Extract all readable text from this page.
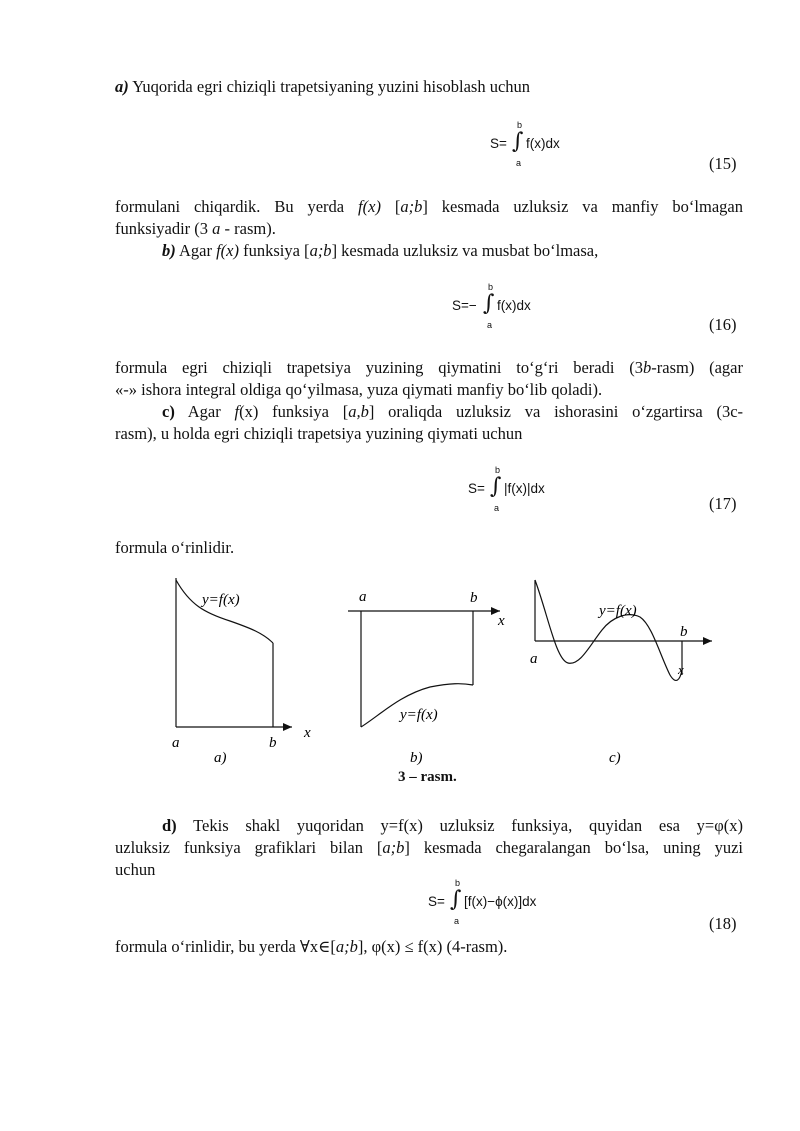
a) Yuqorida egri chiziqli trapetsiyaning yuzini hisoblash uchun
S=
b
∫
a
f(x)dx
(15)
formulani chiqardik. Bu yerda f(x) [a;b] kesmada uzluksiz va manfiy bo‘lmagan
funksiyadir (3 a - rasm).
b) Agar f(x) funksiya [a;b] kesmada uzluksiz va musbat bo‘lmasa,
S=−
b
∫
a
f(x)dx
(16)
formula egri chiziqli trapetsiya yuzining qiymatini to‘g‘ri beradi (3b-rasm) (agar
«-» ishora integral oldiga qo‘yilmasa, yuza qiymati manfiy bo‘lib qoladi).
c) Agar f(x) funksiya [a,b] oraliqda uzluksiz va ishorasini o‘zgartirsa (3c-
rasm), u holda egri chiziqli trapetsiya yuzining qiymati uchun
S=
b
∫
a
|f(x)|dx
(17)
formula o‘rinlidir.
y=f(x)
a	b
x
a)
a	b
x
y=f(x)
b)
y=f(x)
a
b
x
c)
3 – rasm.
d) Tekis shakl yuqoridan y=f(x) uzluksiz funksiya, quyidan esa y=φ(x)
uzluksiz funksiya grafiklari bilan [a;b] kesmada chegaralangan bo‘lsa, uning yuzi
uchun
S=
b
∫
a
[f(x)−ϕ(x)]dx
(18)
formula o‘rinlidir, bu yerda ∀x∈[a;b], φ(x) ≤ f(x) (4-rasm).
